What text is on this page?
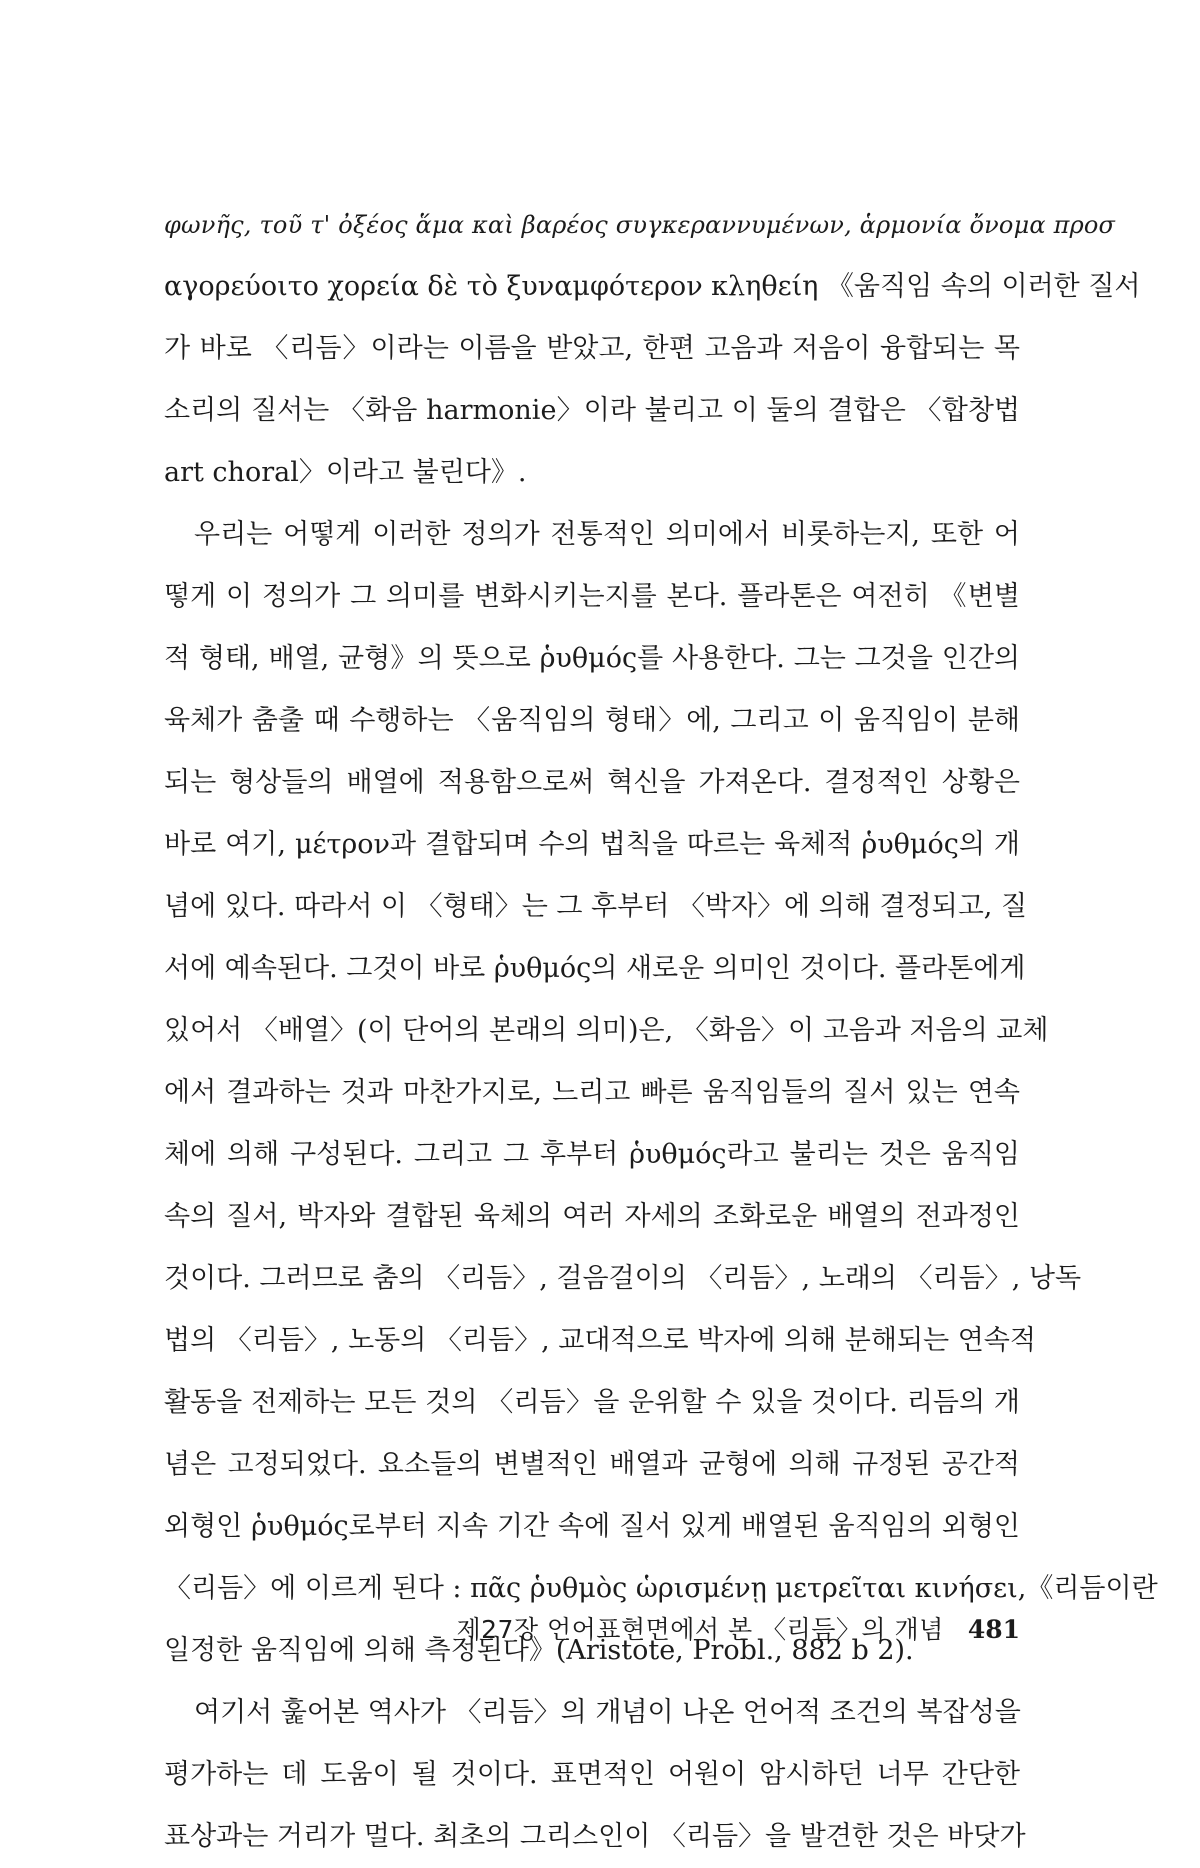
φωνῆς, τοῦ τ' ὀξέος ἅμα καὶ βαρέος συγκεραννυμένων, ἁρμονία ὄνομα προσ
αγορεύοιτο χορεία δὲ τὸ ξυναμφότερον κληθείη 《움직임 속의 이러한 질서
가 바로 〈리듬〉이라는 이름을 받았고, 한편 고음과 저음이 융합되는 목
소리의 질서는 〈화음 harmonie〉이라 불리고 이 둘의 결합은 〈합창법
art choral〉이라고 불린다》.
우리는 어떻게 이러한 정의가 전통적인 의미에서 비롯하는지, 또한 어
떻게 이 정의가 그 의미를 변화시키는지를 본다. 플라톤은 여전히 《변별
적 형태, 배열, 균형》의 뜻으로 ῥυθμός를 사용한다. 그는 그것을 인간의
육체가 춤출 때 수행하는 〈움직임의 형태〉에, 그리고 이 움직임이 분해
되는 형상들의 배열에 적용함으로써 혁신을 가져온다. 결정적인 상황은
바로 여기, μέτρον과 결합되며 수의 법칙을 따르는 육체적 ῥυθμός의 개
념에 있다. 따라서 이 〈형태〉는 그 후부터 〈박자〉에 의해 결정되고, 질
서에 예속된다. 그것이 바로 ῥυθμός의 새로운 의미인 것이다. 플라톤에게
있어서 〈배열〉(이 단어의 본래의 의미)은, 〈화음〉이 고음과 저음의 교체
에서 결과하는 것과 마찬가지로, 느리고 빠른 움직임들의 질서 있는 연속
체에 의해 구성된다. 그리고 그 후부터 ῥυθμός라고 불리는 것은 움직임
속의 질서, 박자와 결합된 육체의 여러 자세의 조화로운 배열의 전과정인
것이다. 그러므로 춤의 〈리듬〉, 걸음걸이의 〈리듬〉, 노래의 〈리듬〉, 낭독
법의 〈리듬〉, 노동의 〈리듬〉, 교대적으로 박자에 의해 분해되는 연속적
활동을 전제하는 모든 것의 〈리듬〉을 운위할 수 있을 것이다. 리듬의 개
념은 고정되었다. 요소들의 변별적인 배열과 균형에 의해 규정된 공간적
외형인 ῥυθμός로부터 지속 기간 속에 질서 있게 배열된 움직임의 외형인
〈리듬〉에 이르게 된다 : πᾶς ῥυθμὸς ὡρισμένῃ μετρεῖται κινήσει,《리듬이란
일정한 움직임에 의해 측정된다》(Aristote, Probl., 882 b 2).
여기서 훑어본 역사가 〈리듬〉의 개념이 나온 언어적 조건의 복잡성을
평가하는 데 도움이 될 것이다. 표면적인 어원이 암시하던 너무 간단한
표상과는 거리가 멀다. 최초의 그리스인이 〈리듬〉을 발견한 것은 바닷가
제27장 언어표현면에서 본 〈리듬〉의 개념 481
